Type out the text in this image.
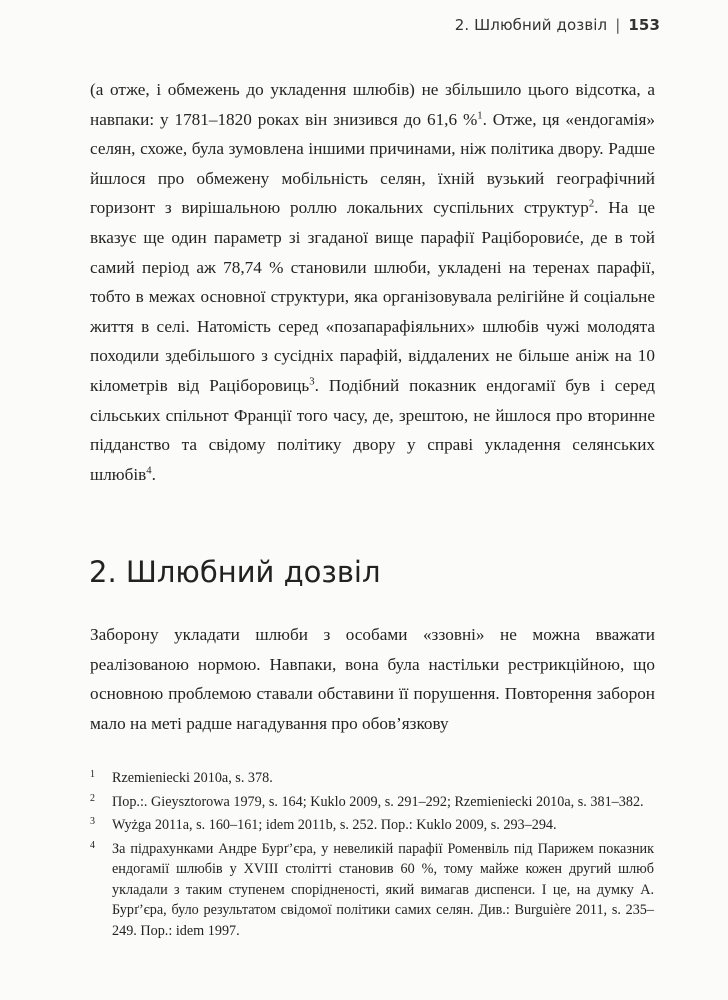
2. Шлюбний дозвіл | 153

(а отже, і обмежень до укладення шлюбів) не збільшило цього відсотка, а навпаки: у 1781–1820 роках він знизився до 61,6 %$^1$. Отже, ця «ендогамія» селян, схоже, була зумовлена іншими причинами, ніж політика двору. Радше йшлося про обмежену мобільність селян, їхній вузький географічний горизонт з вирішальною роллю локальних суспільних структур$^2$. На це вказує ще один параметр зі згаданої вище парафії Раціборовиće, де в той самий період аж 78,74 % становили шлюби, укладені на теренах парафії, тобто в межах основної структури, яка організовувала релігійне й соціальне життя в селі. Натомість серед «позапарафіяльних» шлюбів чужі молодята походили здебільшого з сусідніх парафій, віддалених не більше аніж на 10 кілометрів від Раціборовиць$^3$. Подібний показник ендогамії був і серед сільських спільнот Франції того часу, де, зрештою, не йшлося про вторинне підданство та свідому політику двору у справі укладення селянських шлюбів$^4$.

2. Шлюбний дозвіл

Заборону укладати шлюби з особами «ззовні» не можна вважати реалізованою нормою. Навпаки, вона була настільки рестрикційною, що основною проблемою ставали обставини її порушення. Повторення заборон мало на меті радше нагадування про обов’язкову

1	Rzemieniecki 2010a, s. 378.
2	Пор.:. Gieysztorowa 1979, s. 164; Kuklo 2009, s. 291–292; Rzemieniecki 2010a, s. 381–382.
3	Wyżga 2011a, s. 160–161; idem 2011b, s. 252. Пор.: Kuklo 2009, s. 293–294.
4	За підрахунками Андре Бурґ’єра, у невеликій парафії Роменвіль під Парижем показник ендогамії шлюбів у XVIII столітті становив 60 %, тому майже кожен другий шлюб укладали з таким ступенем спорідненості, який вимагав диспенси. І це, на думку А. Бурґ’єра, було результатом свідомої політики самих селян. Див.: Burguière 2011, s. 235–249. Пор.: idem 1997.
